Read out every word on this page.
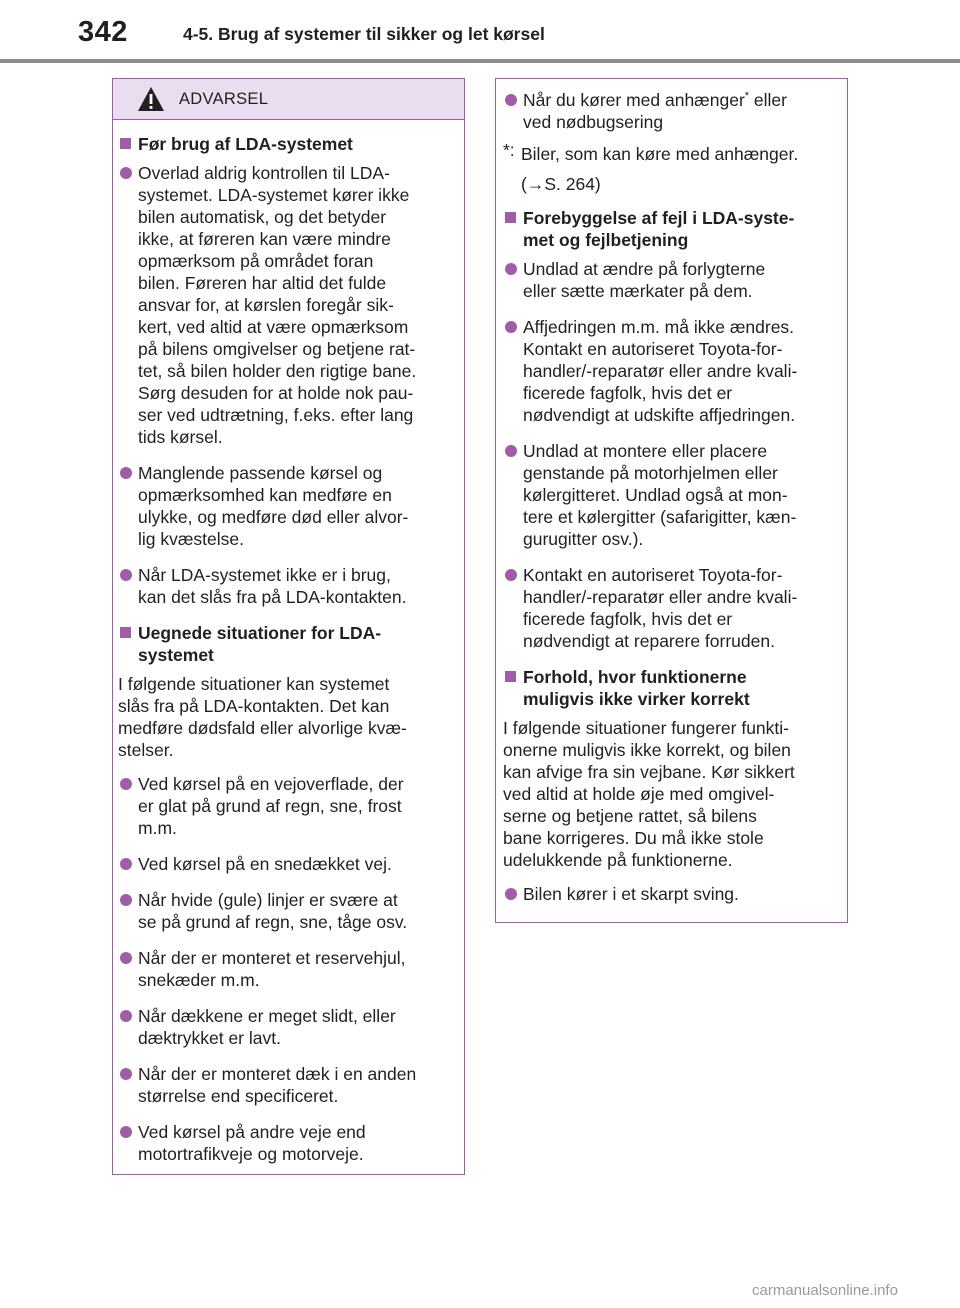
342	4-5. Brug af systemer til sikker og let kørsel
ADVARSEL
Før brug af LDA-systemet
Overlad aldrig kontrollen til LDA-
systemet. LDA-systemet kører ikke
bilen automatisk, og det betyder
ikke, at føreren kan være mindre
opmærksom på området foran
bilen. Føreren har altid det fulde
ansvar for, at kørslen foregår sik-
kert, ved altid at være opmærksom
på bilens omgivelser og betjene rat-
tet, så bilen holder den rigtige bane.
Sørg desuden for at holde nok pau-
ser ved udtrætning, f.eks. efter lang
tids kørsel.
Manglende passende kørsel og
opmærksomhed kan medføre en
ulykke, og medføre død eller alvor-
lig kvæstelse.
Når LDA-systemet ikke er i brug,
kan det slås fra på LDA-kontakten.
Uegnede situationer for LDA-
systemet
I følgende situationer kan systemet
slås fra på LDA-kontakten. Det kan
medføre dødsfald eller alvorlige kvæ-
stelser.
Ved kørsel på en vejoverflade, der
er glat på grund af regn, sne, frost
m.m.
Ved kørsel på en snedækket vej.
Når hvide (gule) linjer er svære at
se på grund af regn, sne, tåge osv.
Når der er monteret et reservehjul,
snekæder m.m.
Når dækkene er meget slidt, eller
dæktrykket er lavt.
Når der er monteret dæk i en anden
størrelse end specificeret.
Ved kørsel på andre veje end
motortrafikveje og motorveje.
Når du kører med anhænger* eller
ved nødbugsering
*: Biler, som kan køre med anhænger.
(→S. 264)
Forebyggelse af fejl i LDA-syste-
met og fejlbetjening
Undlad at ændre på forlygterne
eller sætte mærkater på dem.
Affjedringen m.m. må ikke ændres.
Kontakt en autoriseret Toyota-for-
handler/-reparatør eller andre kvali-
ficerede fagfolk, hvis det er
nødvendigt at udskifte affjedringen.
Undlad at montere eller placere
genstande på motorhjelmen eller
kølergitteret. Undlad også at mon-
tere et kølergitter (safarigitter, kæn-
gurugitter osv.).
Kontakt en autoriseret Toyota-for-
handler/-reparatør eller andre kvali-
ficerede fagfolk, hvis det er
nødvendigt at reparere forruden.
Forhold, hvor funktionerne
muligvis ikke virker korrekt
I følgende situationer fungerer funkti-
onerne muligvis ikke korrekt, og bilen
kan afvige fra sin vejbane. Kør sikkert
ved altid at holde øje med omgivel-
serne og betjene rattet, så bilens
bane korrigeres. Du må ikke stole
udelukkende på funktionerne.
Bilen kører i et skarpt sving.
carmanualsonline.info
